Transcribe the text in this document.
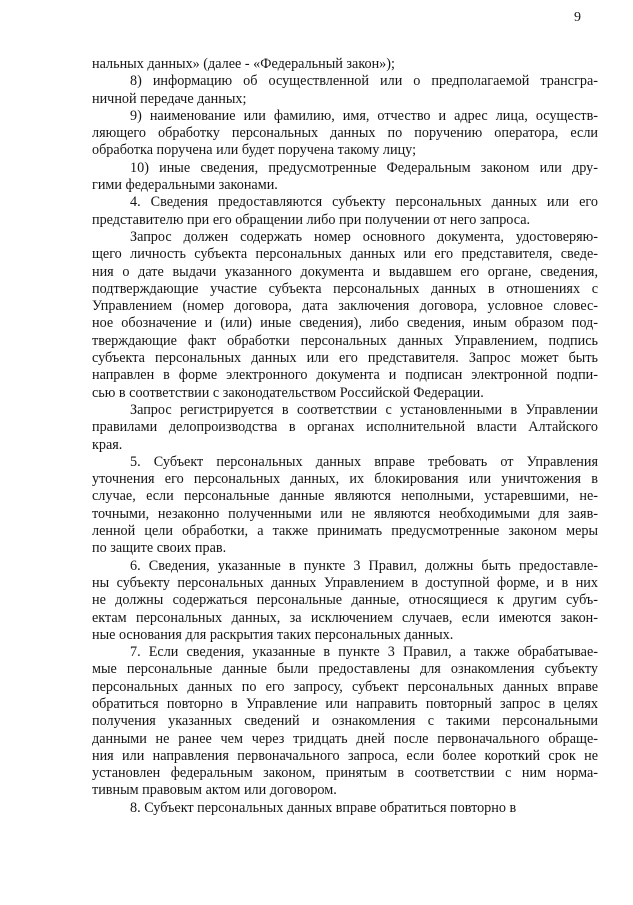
9
нальных данных» (далее - «Федеральный закон»);
8) информацию об осуществленной или о предполагаемой трансгра-
ничной передаче данных;
9) наименование или фамилию, имя, отчество и адрес лица, осуществ-
ляющего обработку персональных данных по поручению оператора, если
обработка поручена или будет поручена такому лицу;
10) иные сведения, предусмотренные Федеральным законом или дру-
гими федеральными законами.
4. Сведения предоставляются субъекту персональных данных или его
представителю при его обращении либо при получении от него запроса.
Запрос должен содержать номер основного документа, удостоверяю-
щего личность субъекта персональных данных или его представителя, сведе-
ния о дате выдачи указанного документа и выдавшем его органе, сведения,
подтверждающие участие субъекта персональных данных в отношениях с
Управлением (номер договора, дата заключения договора, условное словес-
ное обозначение и (или) иные сведения), либо сведения, иным образом под-
тверждающие факт обработки персональных данных Управлением, подпись
субъекта персональных данных или его представителя. Запрос может быть
направлен в форме электронного документа и подписан электронной подпи-
сью в соответствии с законодательством Российской Федерации.
Запрос регистрируется в соответствии с установленными в Управлении
правилами делопроизводства в органах исполнительной власти Алтайского
края.
5. Субъект персональных данных вправе требовать от Управления
уточнения его персональных данных, их блокирования или уничтожения в
случае, если персональные данные являются неполными, устаревшими, не-
точными, незаконно полученными или не являются необходимыми для заяв-
ленной цели обработки, а также принимать предусмотренные законом меры
по защите своих прав.
6. Сведения, указанные в пункте 3 Правил, должны быть предоставле-
ны субъекту персональных данных Управлением в доступной форме, и в них
не должны содержаться персональные данные, относящиеся к другим субъ-
ектам персональных данных, за исключением случаев, если имеются закон-
ные основания для раскрытия таких персональных данных.
7. Если сведения, указанные в пункте 3 Правил, а также обрабатывае-
мые персональные данные были предоставлены для ознакомления субъекту
персональных данных по его запросу, субъект персональных данных вправе
обратиться повторно в Управление или направить повторный запрос в целях
получения указанных сведений и ознакомления с такими персональными
данными не ранее чем через тридцать дней после первоначального обраще-
ния или направления первоначального запроса, если более короткий срок не
установлен федеральным законом, принятым в соответствии с ним норма-
тивным правовым актом или договором.
8. Субъект персональных данных вправе обратиться повторно в
